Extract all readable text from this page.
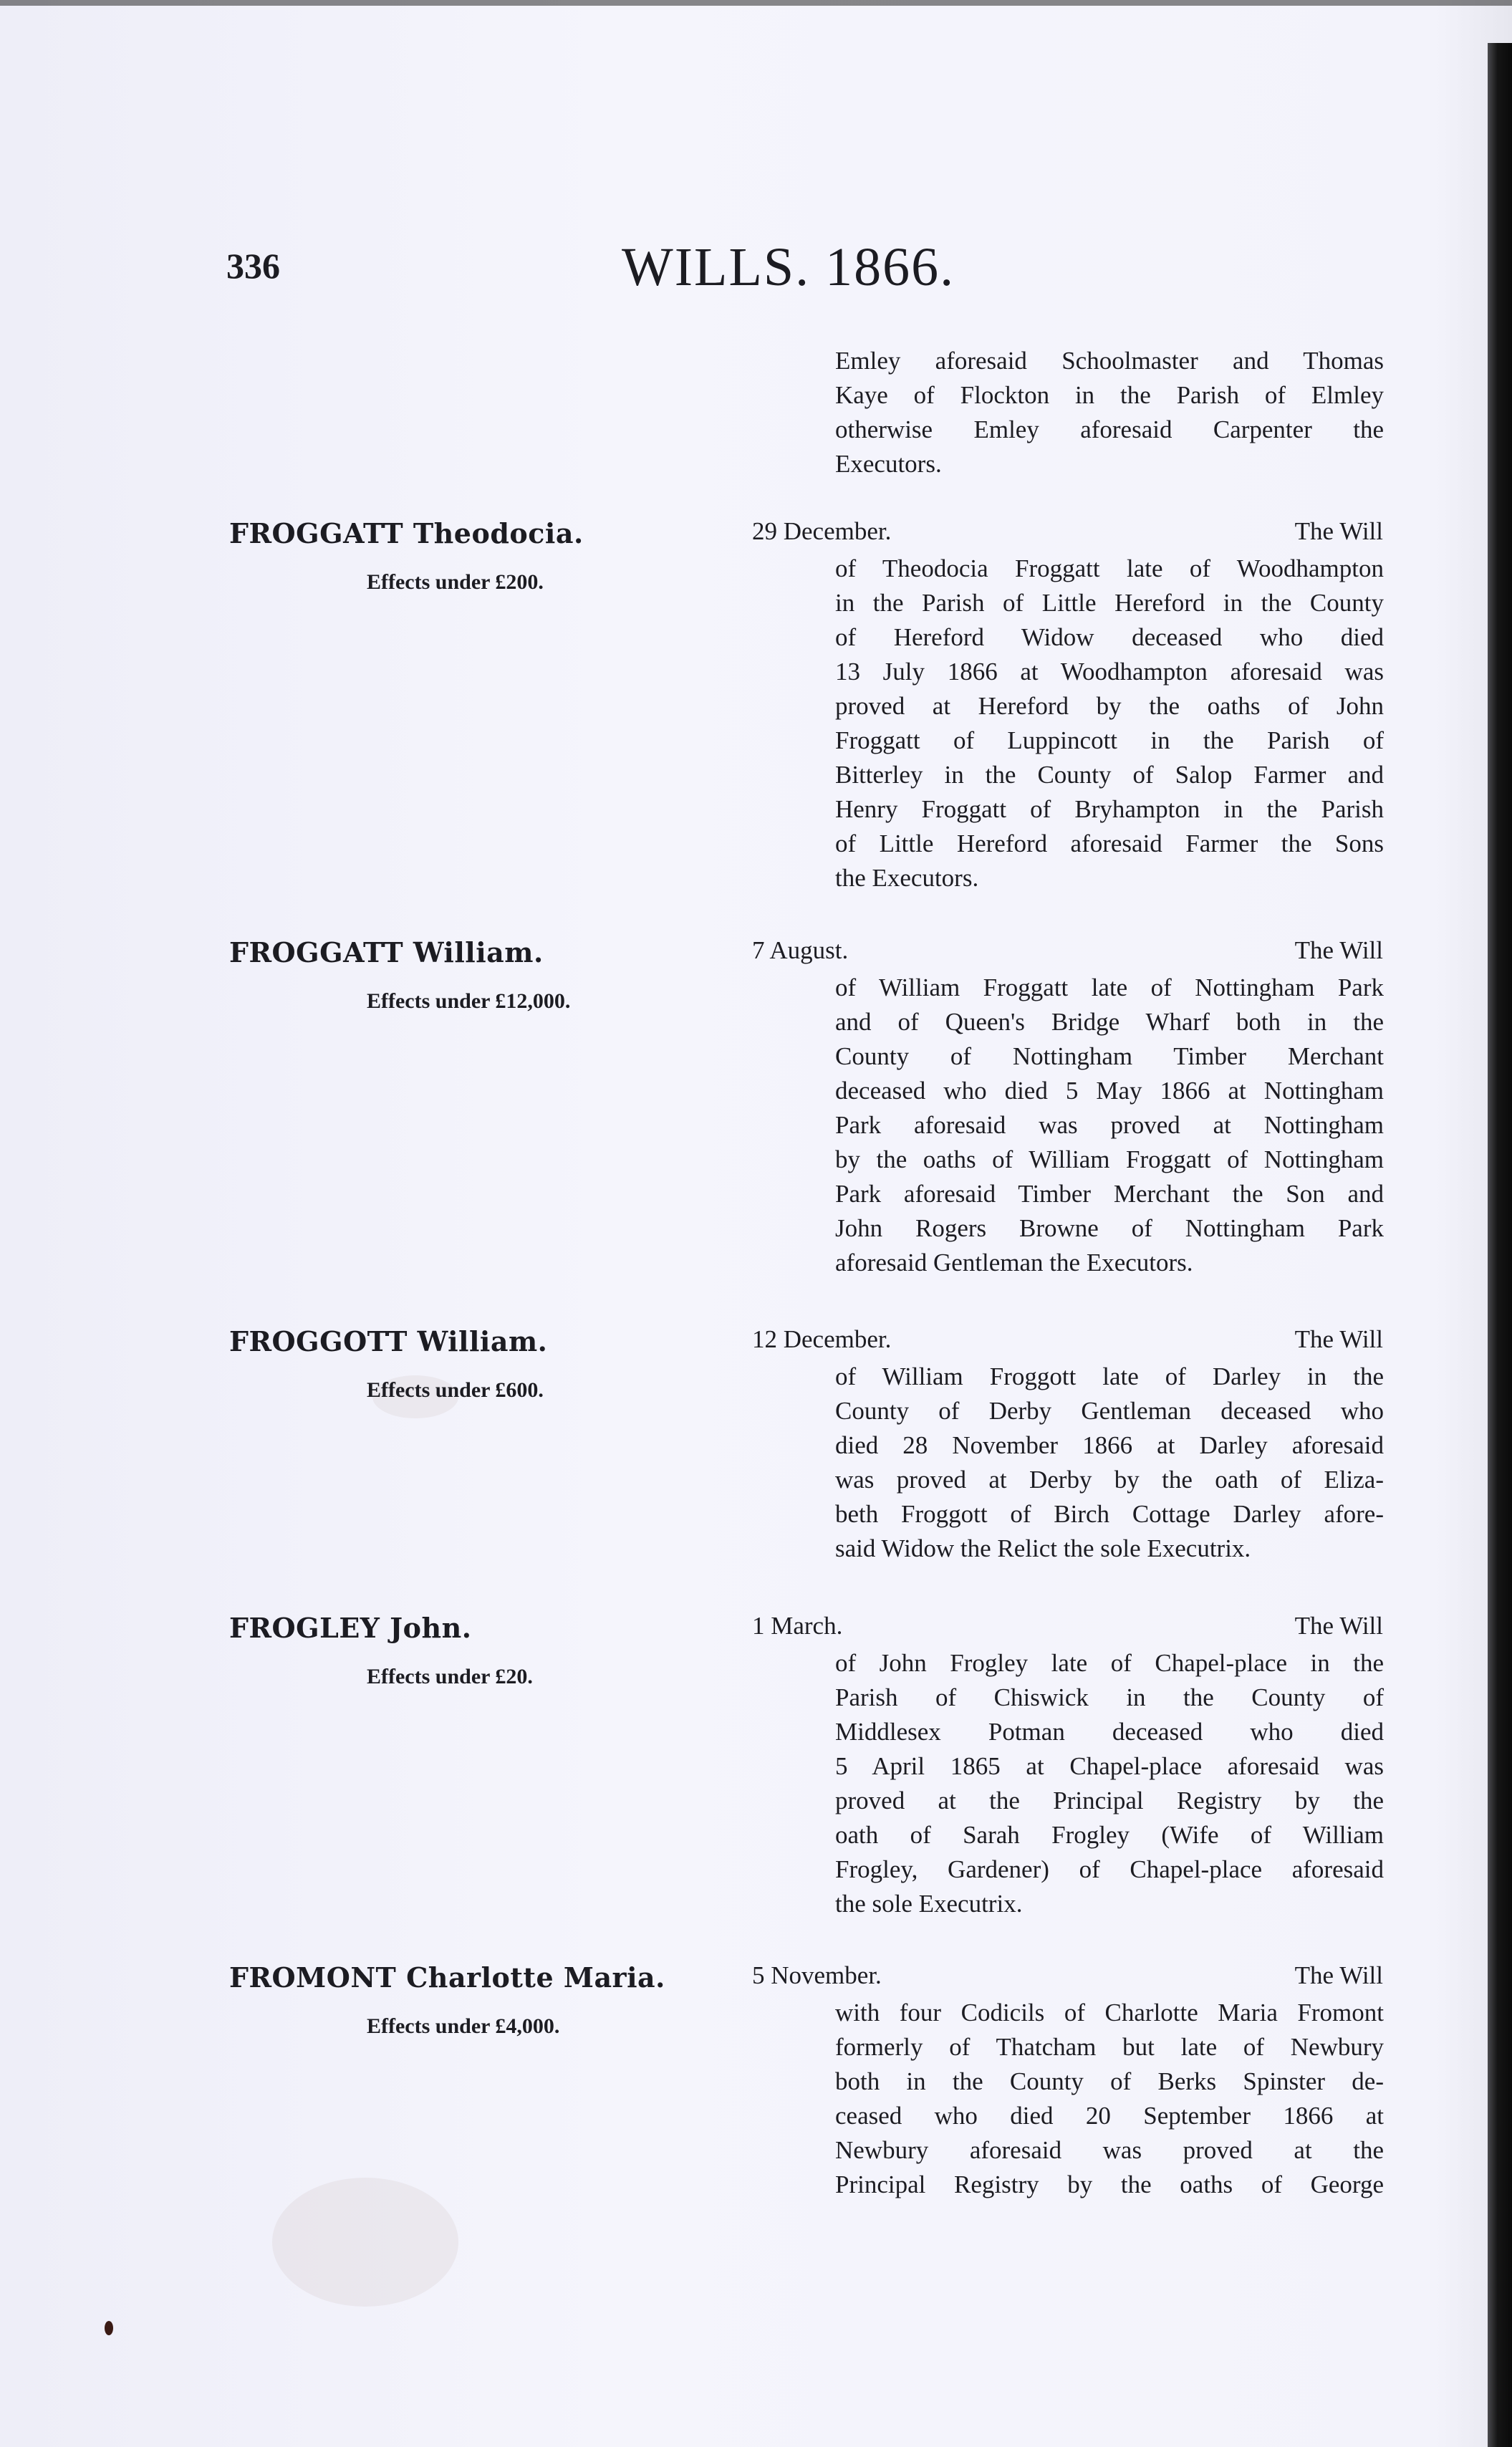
336	WILLS. 1866.
Emley aforesaid Schoolmaster and Thomas
Kaye of Flockton in the Parish of Elmley
otherwise Emley aforesaid Carpenter the
Executors.
FROGGATT Theodocia.
Effects under £200.
29 December.	The Will
of Theodocia Froggatt late of Woodhampton
in the Parish of Little Hereford in the County
of Hereford Widow deceased who died
13 July 1866 at Woodhampton aforesaid was
proved at Hereford by the oaths of John
Froggatt of Luppincott in the Parish of
Bitterley in the County of Salop Farmer and
Henry Froggatt of Bryhampton in the Parish
of Little Hereford aforesaid Farmer the Sons
the Executors.
FROGGATT William.
Effects under £12,000.
7 August.	The Will
of William Froggatt late of Nottingham Park
and of Queen's Bridge Wharf both in the
County of Nottingham Timber Merchant
deceased who died 5 May 1866 at Nottingham
Park aforesaid was proved at Nottingham
by the oaths of William Froggatt of Nottingham
Park aforesaid Timber Merchant the Son and
John Rogers Browne of Nottingham Park
aforesaid Gentleman the Executors.
FROGGOTT William.
Effects under £600.
12 December.	The Will
of William Froggott late of Darley in the
County of Derby Gentleman deceased who
died 28 November 1866 at Darley aforesaid
was proved at Derby by the oath of Eliza-
beth Froggott of Birch Cottage Darley afore-
said Widow the Relict the sole Executrix.
FROGLEY John.
Effects under £20.
1 March.	The Will
of John Frogley late of Chapel-place in the
Parish of Chiswick in the County of
Middlesex Potman deceased who died
5 April 1865 at Chapel-place aforesaid was
proved at the Principal Registry by the
oath of Sarah Frogley (Wife of William
Frogley, Gardener) of Chapel-place aforesaid
the sole Executrix.
FROMONT Charlotte Maria.
Effects under £4,000.
5 November.	The Will
with four Codicils of Charlotte Maria Fromont
formerly of Thatcham but late of Newbury
both in the County of Berks Spinster de-
ceased who died 20 September 1866 at
Newbury aforesaid was proved at the
Principal Registry by the oaths of George
